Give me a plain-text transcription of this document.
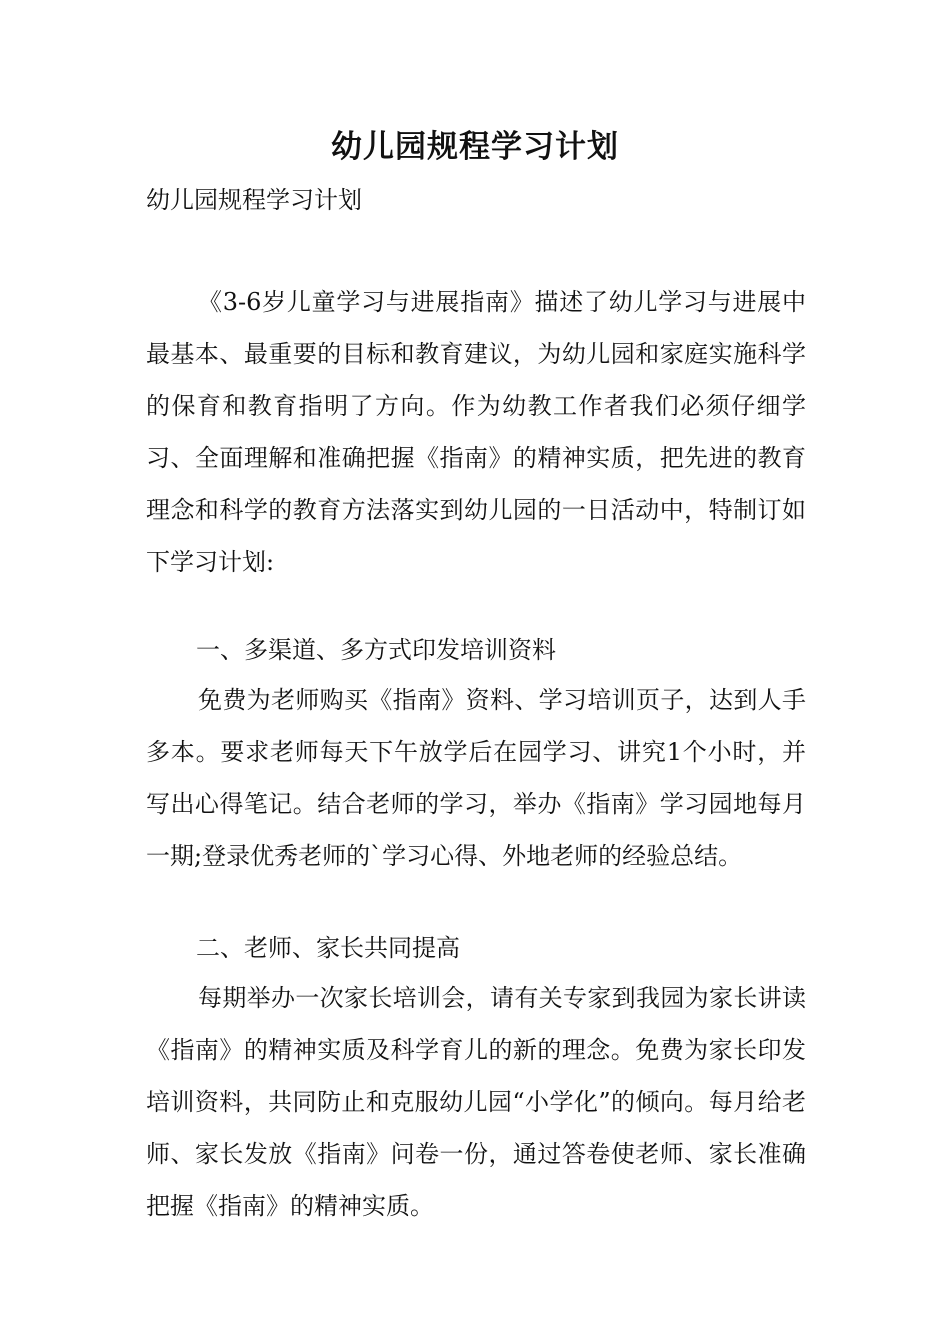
幼儿园规程学习计划

幼儿园规程学习计划

《3-6岁儿童学习与进展指南》描述了幼儿学习与进展中最基本、最重要的目标和教育建议，为幼儿园和家庭实施科学的保育和教育指明了方向。作为幼教工作者我们必须仔细学习、全面理解和准确把握《指南》的精神实质，把先进的教育理念和科学的教育方法落实到幼儿园的一日活动中，特制订如下学习计划:

一、多渠道、多方式印发培训资料

免费为老师购买《指南》资料、学习培训页子，达到人手多本。要求老师每天下午放学后在园学习、讲究1个小时，并写出心得笔记。结合老师的学习，举办《指南》学习园地每月一期;登录优秀老师的`学习心得、外地老师的经验总结。

二、老师、家长共同提高

每期举办一次家长培训会，请有关专家到我园为家长讲读《指南》的精神实质及科学育儿的新的理念。免费为家长印发培训资料，共同防止和克服幼儿园“小学化”的倾向。每月给老师、家长发放《指南》问卷一份，通过答卷使老师、家长准确把握《指南》的精神实质。
